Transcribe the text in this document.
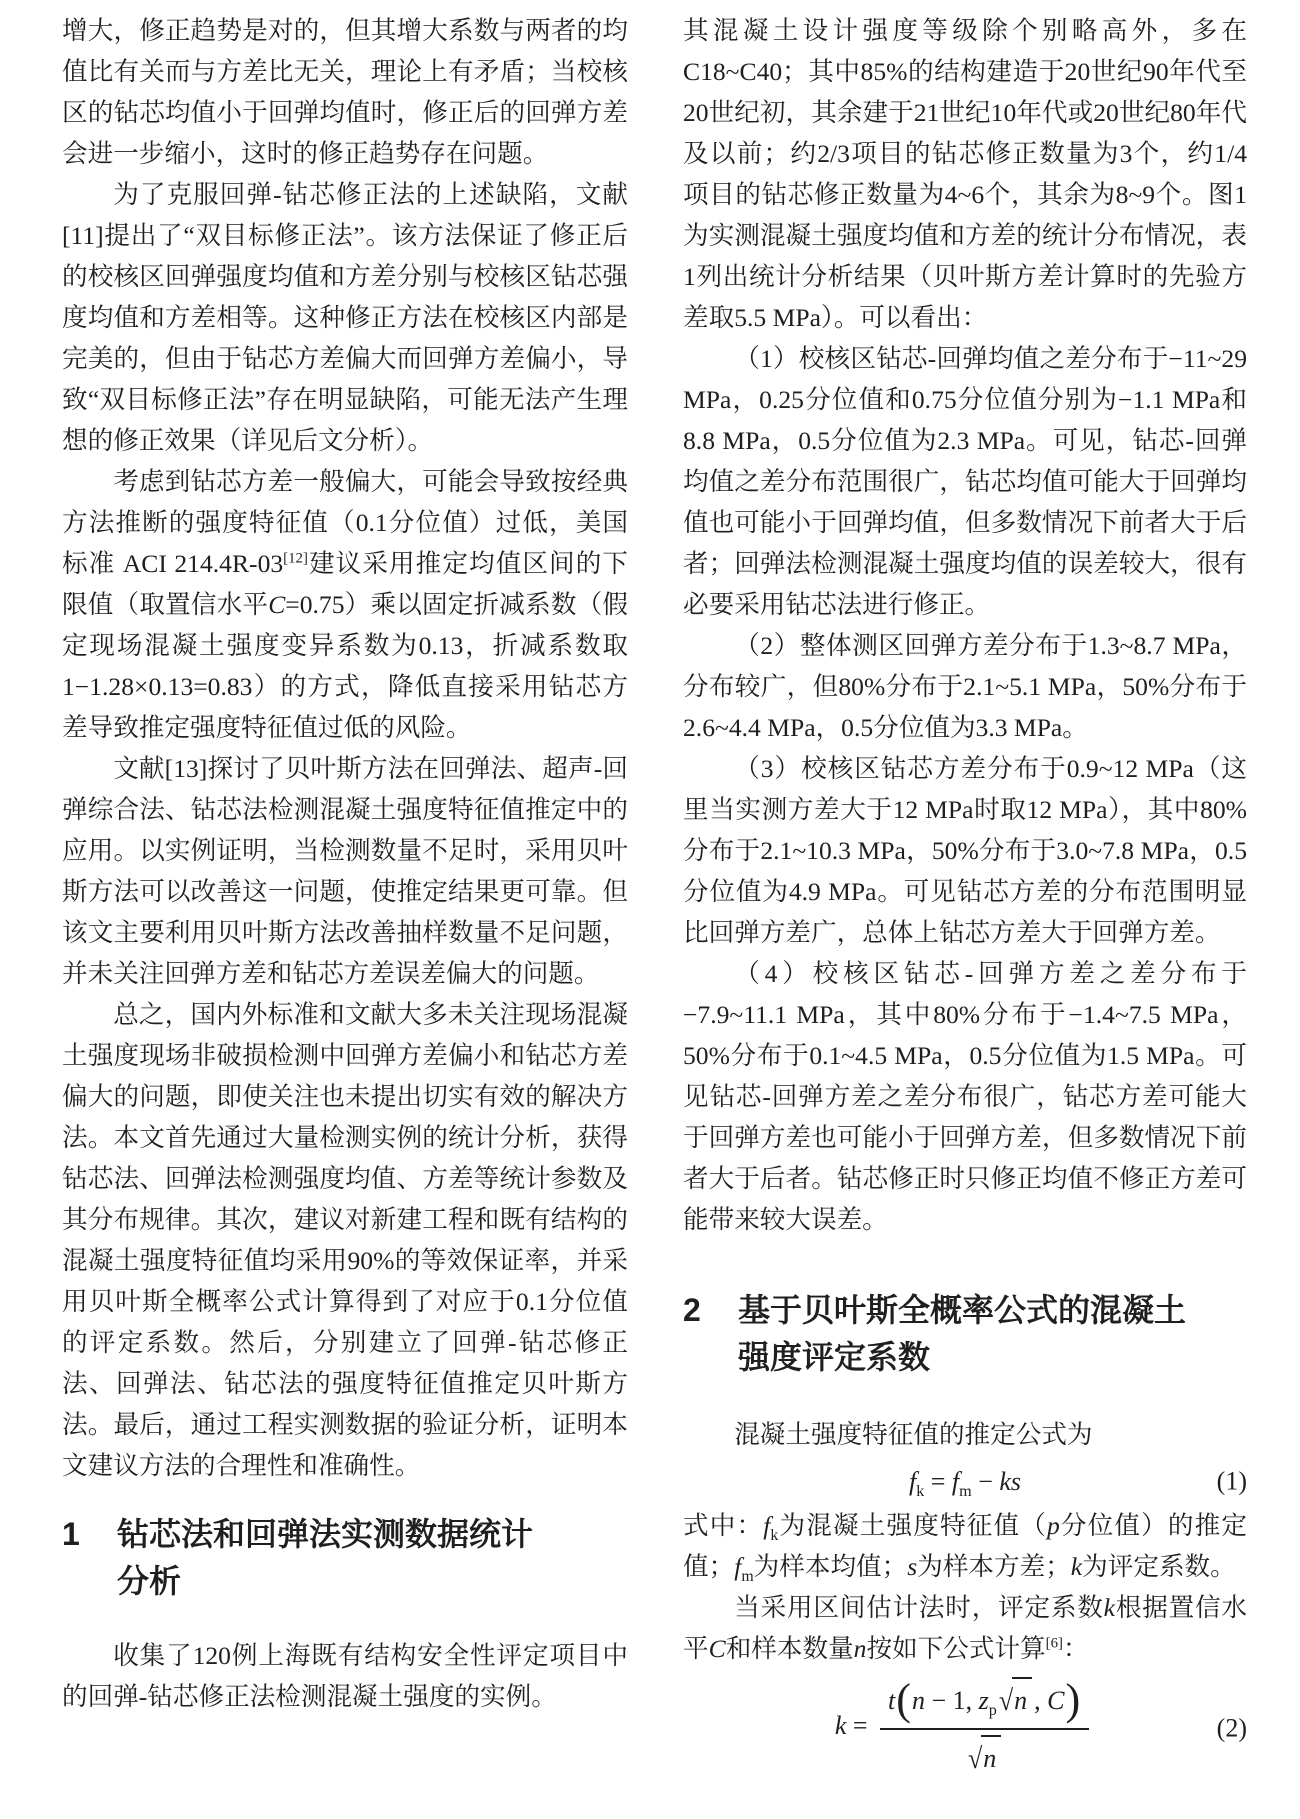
增大，修正趋势是对的，但其增大系数与两者的均值比有关而与方差比无关，理论上有矛盾；当校核区的钻芯均值小于回弹均值时，修正后的回弹方差会进一步缩小，这时的修正趋势存在问题。

为了克服回弹-钻芯修正法的上述缺陷，文献[11]提出了“双目标修正法”。该方法保证了修正后的校核区回弹强度均值和方差分别与校核区钻芯强度均值和方差相等。这种修正方法在校核区内部是完美的，但由于钻芯方差偏大而回弹方差偏小，导致“双目标修正法”存在明显缺陷，可能无法产生理想的修正效果（详见后文分析）。

考虑到钻芯方差一般偏大，可能会导致按经典方法推断的强度特征值（0.1分位值）过低，美国标准 ACI 214.4R-03[12]建议采用推定均值区间的下限值（取置信水平C=0.75）乘以固定折减系数（假定现场混凝土强度变异系数为0.13，折减系数取1−1.28×0.13=0.83）的方式，降低直接采用钻芯方差导致推定强度特征值过低的风险。

文献[13]探讨了贝叶斯方法在回弹法、超声-回弹综合法、钻芯法检测混凝土强度特征值推定中的应用。以实例证明，当检测数量不足时，采用贝叶斯方法可以改善这一问题，使推定结果更可靠。但该文主要利用贝叶斯方法改善抽样数量不足问题，并未关注回弹方差和钻芯方差误差偏大的问题。

总之，国内外标准和文献大多未关注现场混凝土强度现场非破损检测中回弹方差偏小和钻芯方差偏大的问题，即使关注也未提出切实有效的解决方法。本文首先通过大量检测实例的统计分析，获得钻芯法、回弹法检测强度均值、方差等统计参数及其分布规律。其次，建议对新建工程和既有结构的混凝土强度特征值均采用90%的等效保证率，并采用贝叶斯全概率公式计算得到了对应于0.1分位值的评定系数。然后，分别建立了回弹-钻芯修正法、回弹法、钻芯法的强度特征值推定贝叶斯方法。最后，通过工程实测数据的验证分析，证明本文建议方法的合理性和准确性。

1	钻芯法和回弹法实测数据统计分析

收集了120例上海既有结构安全性评定项目中的回弹-钻芯修正法检测混凝土强度的实例。

其混凝土设计强度等级除个别略高外，多在C18~C40；其中85%的结构建造于20世纪90年代至20世纪初，其余建于21世纪10年代或20世纪80年代及以前；约2/3项目的钻芯修正数量为3个，约1/4项目的钻芯修正数量为4~6个，其余为8~9个。图1为实测混凝土强度均值和方差的统计分布情况，表1列出统计分析结果（贝叶斯方差计算时的先验方差取5.5 MPa）。可以看出：

（1）校核区钻芯-回弹均值之差分布于−11~29 MPa，0.25分位值和0.75分位值分别为−1.1 MPa和8.8 MPa，0.5分位值为2.3 MPa。可见，钻芯-回弹均值之差分布范围很广，钻芯均值可能大于回弹均值也可能小于回弹均值，但多数情况下前者大于后者；回弹法检测混凝土强度均值的误差较大，很有必要采用钻芯法进行修正。

（2）整体测区回弹方差分布于1.3~8.7 MPa，分布较广，但80%分布于2.1~5.1 MPa，50%分布于2.6~4.4 MPa，0.5分位值为3.3 MPa。

（3）校核区钻芯方差分布于0.9~12 MPa（这里当实测方差大于12 MPa时取12 MPa），其中80%分布于2.1~10.3 MPa，50%分布于3.0~7.8 MPa，0.5分位值为4.9 MPa。可见钻芯方差的分布范围明显比回弹方差广，总体上钻芯方差大于回弹方差。

（4）校核区钻芯-回弹方差之差分布于−7.9~11.1 MPa，其中80%分布于−1.4~7.5 MPa，50%分布于0.1~4.5 MPa，0.5分位值为1.5 MPa。可见钻芯-回弹方差之差分布很广，钻芯方差可能大于回弹方差也可能小于回弹方差，但多数情况下前者大于后者。钻芯修正时只修正均值不修正方差可能带来较大误差。

2	基于贝叶斯全概率公式的混凝土强度评定系数

混凝土强度特征值的推定公式为

$f_k = f_m$ − ks	(1)

式中：$f_k$为混凝土强度特征值（p分位值）的推定值；$f_m$为样本均值；s为样本方差；k为评定系数。

当采用区间估计法时，评定系数k根据置信水平C和样本数量n按如下公式计算[6]：

$k = \frac{t(n - 1, z_p√n , C)}{√n}$	(2)
